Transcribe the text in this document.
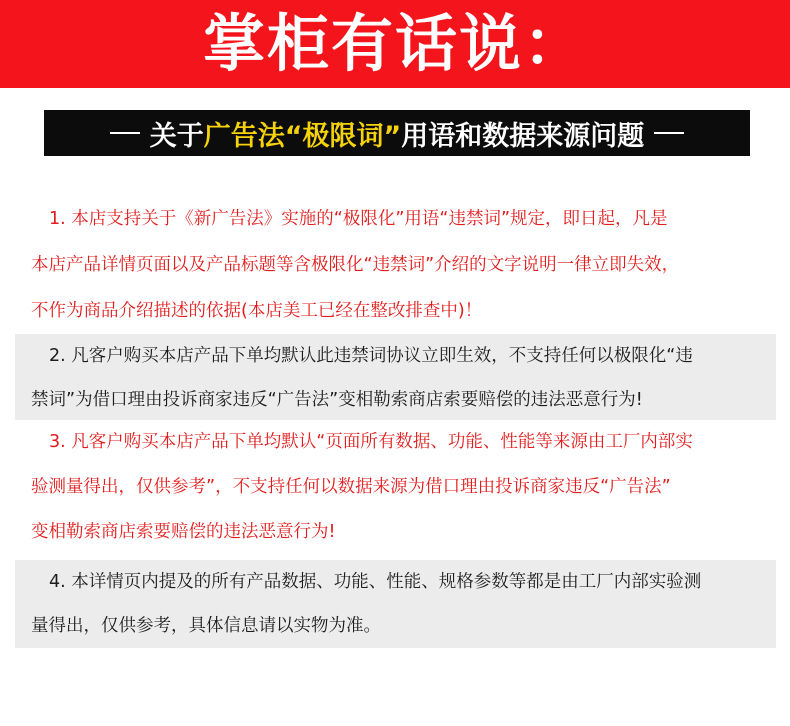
掌柜有话说：
关于 广告法“极限词” 用语和数据来源问题
1. 本店支持关于《新广告法》实施的“极限化”用语“违禁词”规定，即日起，凡是
本店产品详情页面以及产品标题等含极限化“违禁词”介绍的文字说明一律立即失效，
不作为商品介绍描述的依据(本店美工已经在整改排查中)！
2. 凡客户购买本店产品下单均默认此违禁词协议立即生效，不支持任何以极限化“违
禁词”为借口理由投诉商家违反“广告法”变相勒索商店索要赔偿的违法恶意行为!
3. 凡客户购买本店产品下单均默认“页面所有数据、功能、性能等来源由工厂内部实
验测量得出，仅供参考”，不支持任何以数据来源为借口理由投诉商家违反“广告法”
变相勒索商店索要赔偿的违法恶意行为!
4. 本详情页内提及的所有产品数据、功能、性能、规格参数等都是由工厂内部实验测
量得出，仅供参考，具体信息请以实物为准。
